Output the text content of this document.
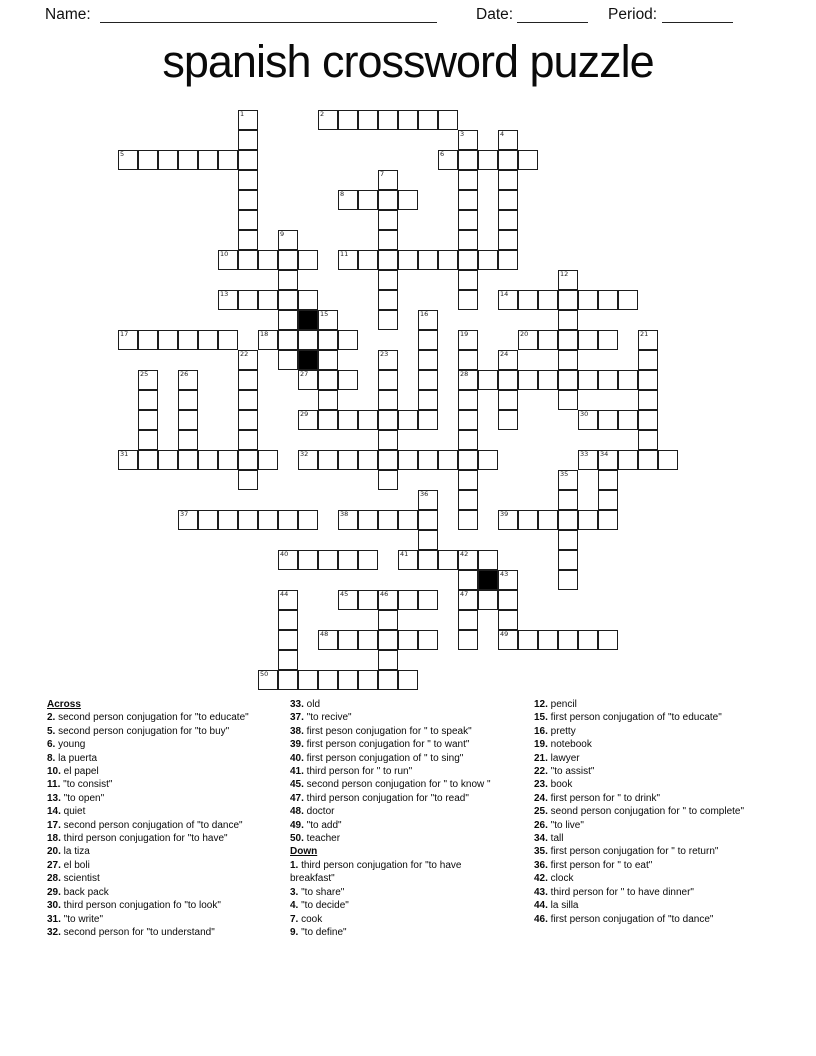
Name:	Date:	Period:
spanish crossword puzzle
2
5	6
8
10	11
13	14
17	18	20
27	28
29	30
31	32	33 34
37	38	39
40	41	42
45	46	47
48	49
50
1
3	4
7
9
12
15	16
19	21
22	23	24
25	26
35
36
43
44
Across
2. second person conjugation for "to educate"
5. second person conjugation for "to buy"
6. young
8. la puerta
10. el papel
11. "to consist"
13. "to open"
14. quiet
17. second person conjugation of "to dance"
18. third person conjugation for "to have"
20. la tiza
27. el boli
28. scientist
29. back pack
30. third person conjugation fo "to look"
31. "to write"
32. second person for "to understand"
33. old
37. "to recive"
38. first peson conjugation for " to speak"
39. first person conjugation for " to want"
40. first person conjugation of " to sing"
41. third person for " to run"
45. second person conjugation for " to know "
47. third person conjugation for "to read"
48. doctor
49. "to add"
50. teacher
Down
1. third person conjugation for "to have breakfast"
3. "to share"
4. "to decide"
7. cook
9. "to define"
12. pencil
15. first person conjugation of "to educate"
16. pretty
19. notebook
21. lawyer
22. "to assist"
23. book
24. first person for " to drink"
25. seond person conjugation for " to complete"
26. "to live"
34. tall
35. first person conjugation for " to return"
36. first person for " to eat"
42. clock
43. third person for " to have dinner"
44. la silla
46. first person conjugation of "to dance"
